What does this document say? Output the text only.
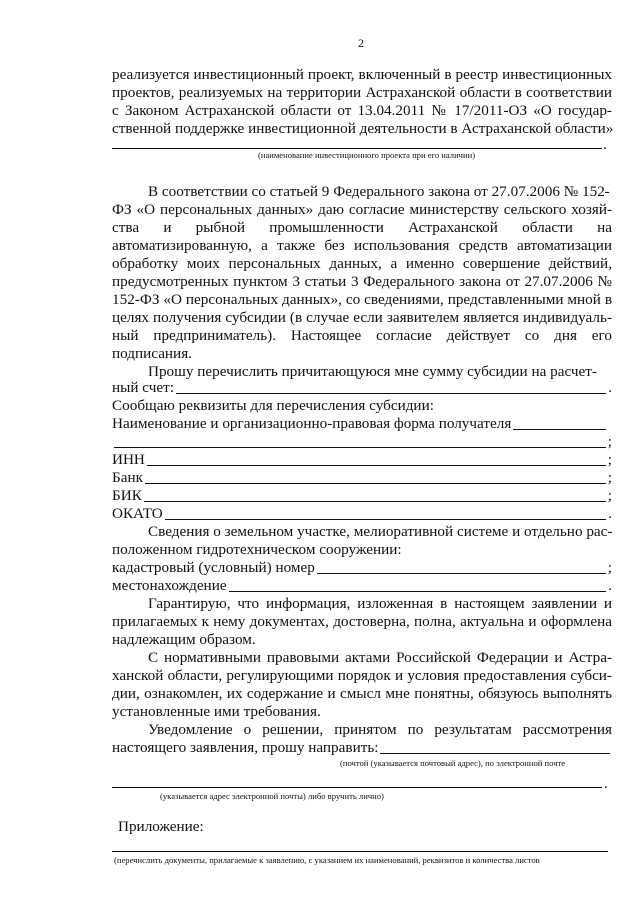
2
реализуется инвестиционный проект, включенный в реестр инвестиционных
проектов, реализуемых на территории Астраханской области в соответствии
с Законом Астраханской области от 13.04.2011 № 17/2011-ОЗ «О государ-
ственной поддержке инвестиционной деятельности в Астраханской области»
.
(наименование инвестиционного проекта при его наличии)
В соответствии со статьей 9 Федерального закона от 27.07.2006 № 152-
ФЗ «О персональных данных» даю согласие министерству сельского хозяй-
ства и рыбной промышленности Астраханской области на
автоматизированную, а также без использования средств автоматизации
обработку моих персональных данных, а именно совершение действий,
предусмотренных пунктом 3 статьи 3 Федерального закона от 27.07.2006 №
152-ФЗ «О персональных данных», со сведениями, представленными мной в
целях получения субсидии (в случае если заявителем является индивидуаль-
ный предприниматель). Настоящее согласие действует со дня его
подписания.
Прошу перечислить причитающуюся мне сумму субсидии на расчет-
ный счет:	.
Сообщаю реквизиты для перечисления субсидии:
Наименование и организационно-правовая форма получателя
;
ИНН	;
Банк	;
БИК	;
ОКАТО	.
Сведения о земельном участке, мелиоративной системе и отдельно рас-
положенном гидротехническом сооружении:
кадастровый (условный) номер	;
местонахождение	.
Гарантирую, что информация, изложенная в настоящем заявлении и
прилагаемых к нему документах, достоверна, полна, актуальна и оформлена
надлежащим образом.
С нормативными правовыми актами Российской Федерации и Астра-
ханской области, регулирующими порядок и условия предоставления субси-
дии, ознакомлен, их содержание и смысл мне понятны, обязуюсь выполнять
установленные ими требования.
Уведомление о решении, принятом по результатам рассмотрения
настоящего заявления, прошу направить:
(почтой (указывается почтовый адрес), по электронной почте
.
(указывается адрес электронной почты) либо вручить лично)
Приложение:
(перечислить документы, прилагаемые к заявлению, с указанием их наименований, реквизитов и количества листов
